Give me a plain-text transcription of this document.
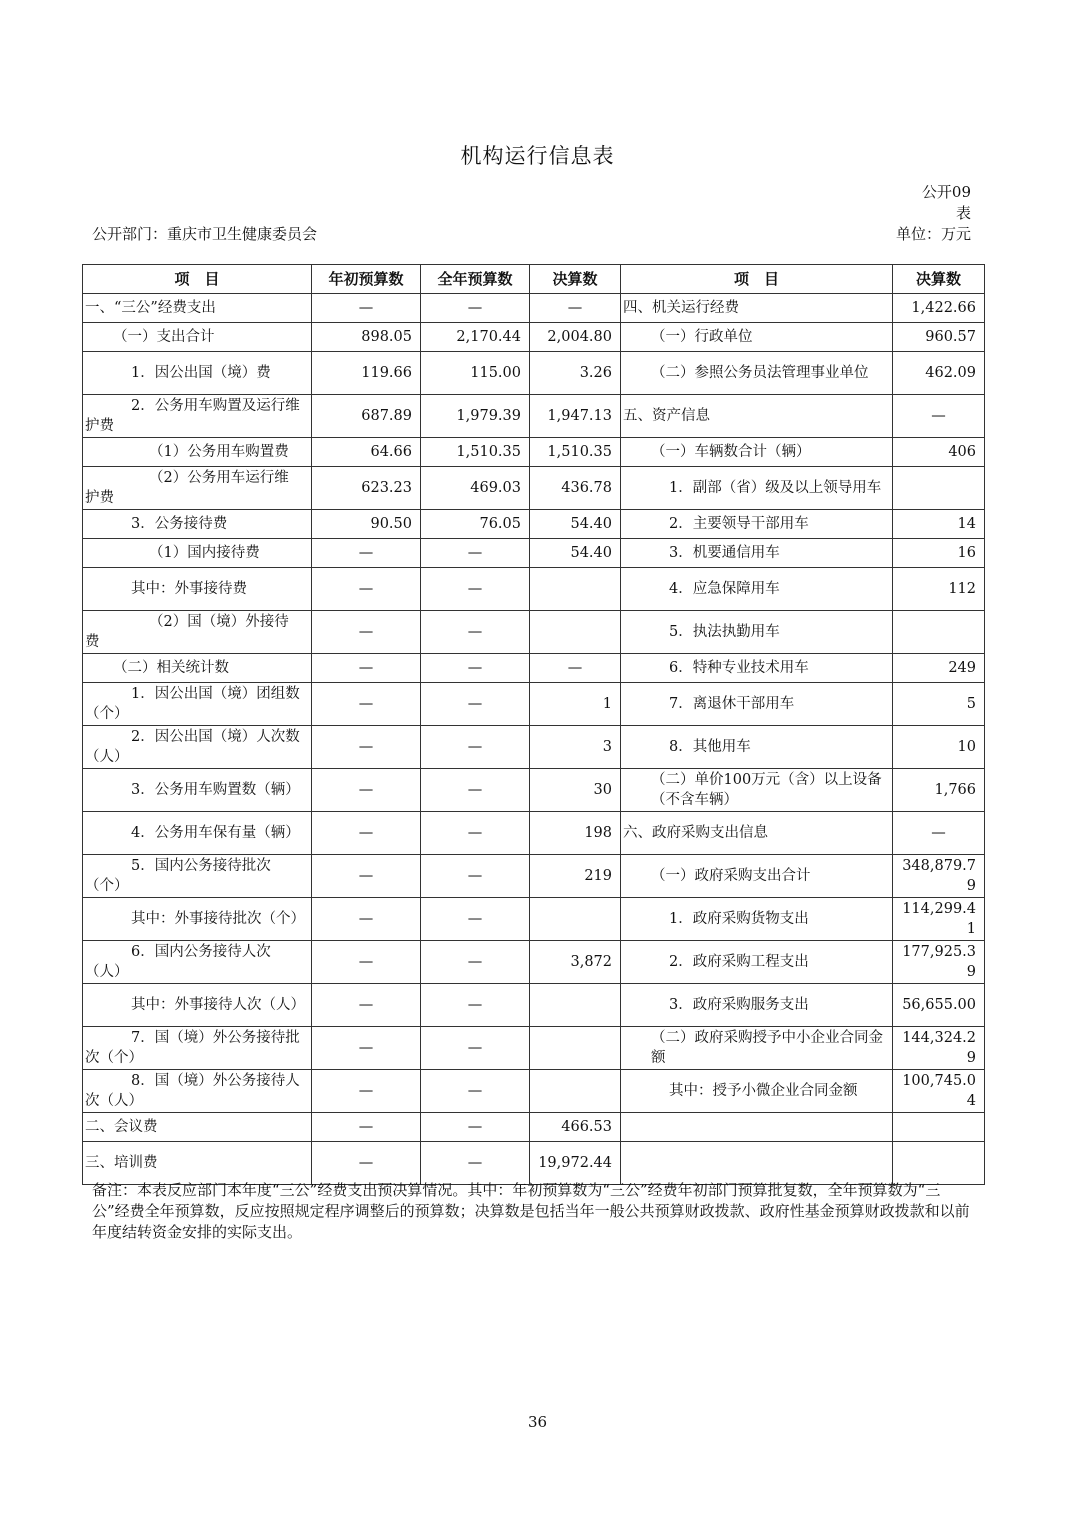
机构运行信息表
公开09表
公开部门：重庆市卫生健康委员会	单位：万元
项　目	年初预算数	全年预算数	决算数	项　目	决算数
一、“三公”经费支出	—	—	—	四、机关运行经费	1,422.66
（一）支出合计	898.05	2,170.44	2,004.80	（一）行政单位	960.57
1．因公出国（境）费	119.66	115.00	3.26	（二）参照公务员法管理事业单位	462.09
2．公务用车购置及运行维护费	687.89	1,979.39	1,947.13	五、资产信息	—
（1）公务用车购置费	64.66	1,510.35	1,510.35	（一）车辆数合计（辆）	406
（2）公务用车运行维护费	623.23	469.03	436.78	1．副部（省）级及以上领导用车	
3．公务接待费	90.50	76.05	54.40	2．主要领导干部用车	14
（1）国内接待费	—	—	54.40	3．机要通信用车	16
其中：外事接待费	—	—		4．应急保障用车	112
（2）国（境）外接待费	—	—		5．执法执勤用车	
（二）相关统计数	—	—	—	6．特种专业技术用车	249
1．因公出国（境）团组数（个）	—	—	1	7．离退休干部用车	5
2．因公出国（境）人次数（人）	—	—	3	8．其他用车	10
3．公务用车购置数（辆）	—	—	30	（二）单价100万元（含）以上设备（不含车辆）	1,766
4．公务用车保有量（辆）	—	—	198	六、政府采购支出信息	—
5．国内公务接待批次（个）	—	—	219	（一）政府采购支出合计	348,879.79
其中：外事接待批次（个）	—	—		1．政府采购货物支出	114,299.41
6．国内公务接待人次（人）	—	—	3,872	2．政府采购工程支出	177,925.39
其中：外事接待人次（人）	—	—		3．政府采购服务支出	56,655.00
7．国（境）外公务接待批次（个）	—	—		（二）政府采购授予中小企业合同金额	144,324.29
8．国（境）外公务接待人次（人）	—	—		其中：授予小微企业合同金额	100,745.04
二、会议费	—	—	466.53		
三、培训费	—	—	19,972.44		
备注：本表反应部门本年度“三公”经费支出预决算情况。其中：年初预算数为“三公”经费年初部门预算批复数，全年预算数为“三公”经费全年预算数，反应按照规定程序调整后的预算数；决算数是包括当年一般公共预算财政拨款、政府性基金预算财政拨款和以前年度结转资金安排的实际支出。
36
